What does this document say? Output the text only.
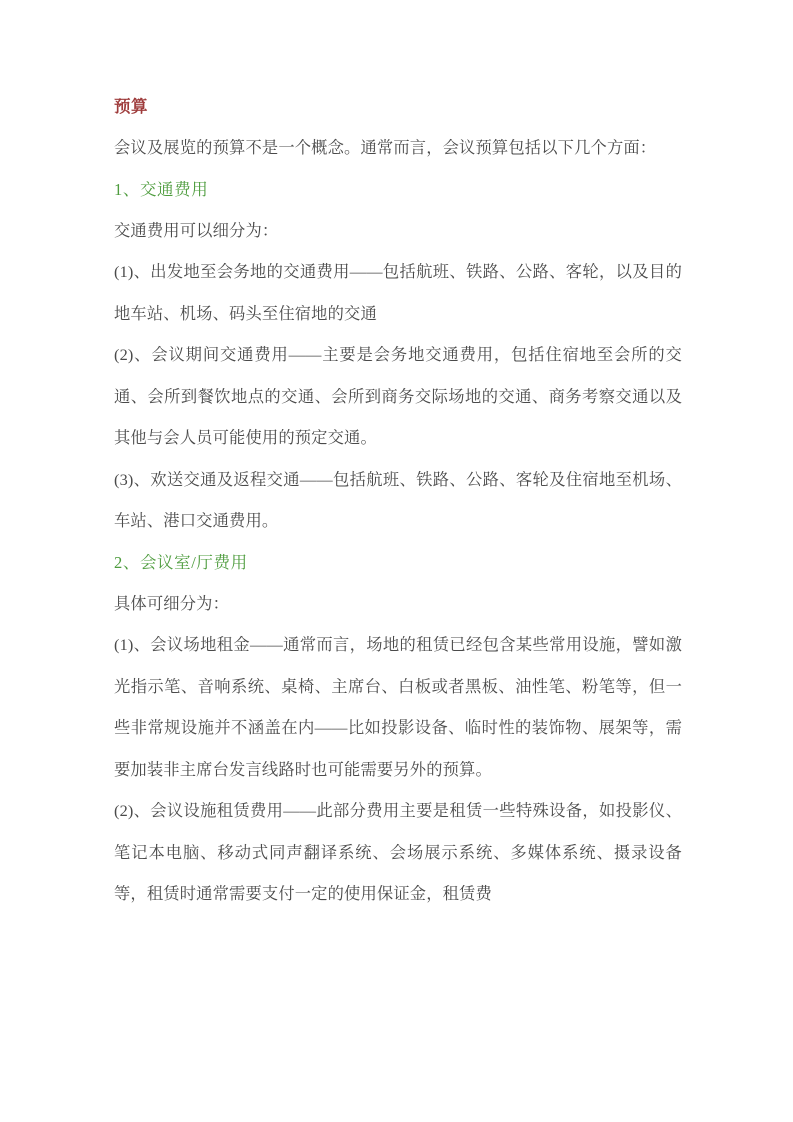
预算

会议及展览的预算不是一个概念。通常而言，会议预算包括以下几个方面：

1、交通费用

交通费用可以细分为：

(1)、出发地至会务地的交通费用——包括航班、铁路、公路、客轮，以及目的地车站、机场、码头至住宿地的交通

(2)、会议期间交通费用——主要是会务地交通费用，包括住宿地至会所的交通、会所到餐饮地点的交通、会所到商务交际场地的交通、商务考察交通以及其他与会人员可能使用的预定交通。

(3)、欢送交通及返程交通——包括航班、铁路、公路、客轮及住宿地至机场、车站、港口交通费用。

2、会议室/厅费用

具体可细分为：

(1)、会议场地租金——通常而言，场地的租赁已经包含某些常用设施，譬如激光指示笔、音响系统、桌椅、主席台、白板或者黑板、油性笔、粉笔等，但一些非常规设施并不涵盖在内——比如投影设备、临时性的装饰物、展架等，需要加装非主席台发言线路时也可能需要另外的预算。

(2)、会议设施租赁费用——此部分费用主要是租赁一些特殊设备，如投影仪、笔记本电脑、移动式同声翻译系统、会场展示系统、多媒体系统、摄录设备等，租赁时通常需要支付一定的使用保证金，租赁费
